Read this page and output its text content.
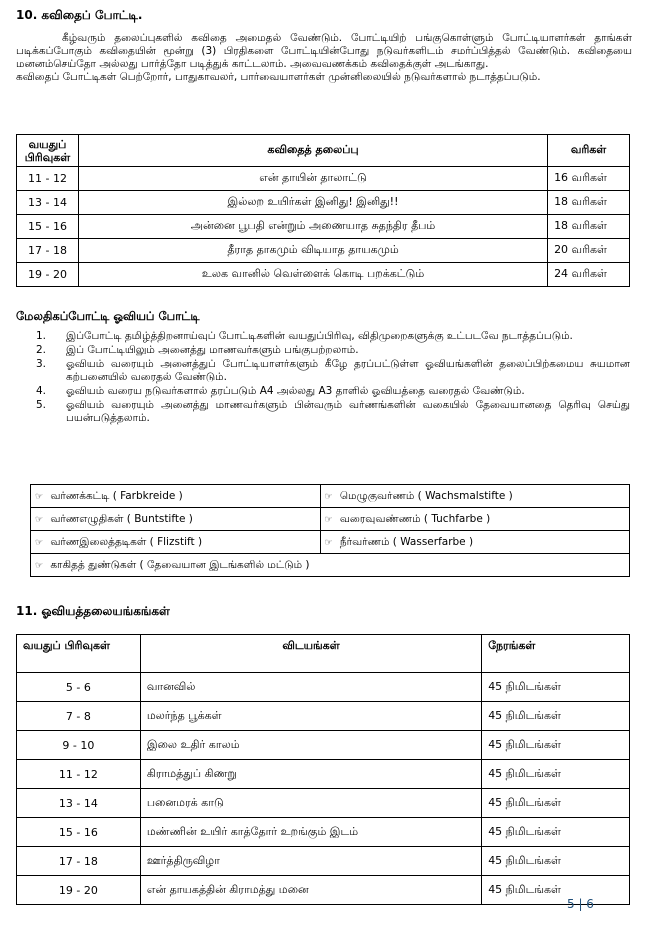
10. கவிதைப் போட்டி.

கீழ்வரும் தலைப்புகளில் கவிதை அமைதல் வேண்டும். போட்டியிற் பங்குகொள்ளும் போட்டியாளர்கள் தாங்கள் படிக்கப்போகும் கவிதையின் மூன்று (3) பிரதிகளை போட்டியின்போது நடுவர்களிடம் சமர்ப்பித்தல் வேண்டும். கவிதையை மனனம்செய்தோ அல்லது பார்த்தோ படித்துக் காட்டலாம். அவைவணக்கம் கவிதைக்குள் அடங்காது.

கவிதைப் போட்டிகள் பெற்றோர், பாதுகாவலர், பார்வையாளர்கள் முன்னிலையில் நடுவர்களால் நடாத்தப்படும்.

வயதுப் பிரிவுகள்	கவிதைத் தலைப்பு	வரிகள்
11 - 12	என் தாயின் தாலாட்டு	16 வரிகள்
13 - 14	இல்லற உயிர்கள் இனிது! இனிது!!	18 வரிகள்
15 - 16	அன்னை பூபதி என்றும் அணையாத சுதந்திர தீபம்	18 வரிகள்
17 - 18	தீராத தாகமும் விடியாத தாயகமும்	20 வரிகள்
19 - 20	உலக வானில் வெள்ளைக் கொடி பறக்கட்டும்	24 வரிகள்
மேலதிகப்போட்டி ஓவியப் போட்டி
1. இப்போட்டி தமிழ்த்திறனாய்வுப் போட்டிகளின் வயதுப்பிரிவு, விதிமுறைகளுக்கு உட்படவே நடாத்தப்படும்.
2. இப் போட்டியிலும் அனைத்து மாணவர்களும் பங்குபற்றலாம்.
3. ஓவியம் வரையும் அனைத்துப் போட்டியாளர்களும் கீழே தரப்பட்டுள்ள ஓவியங்களின் தலைப்பிற்கமைய சுயமான கற்பனையில் வரைதல் வேண்டும்.
4. ஓவியம் வரைய நடுவர்களால் தரப்படும் A4 அல்லது A3 தாளில் ஓவியத்தை வரைதல் வேண்டும்.
5. ஓவியம் வரையும் அனைத்து மாணவர்களும் பின்வரும் வர்ணங்களின் வகையில் தேவையானதை தெரிவு செய்து பயன்படுத்தலாம்.
☞ வர்ணக்கட்டி ( Farbkreide )	☞ மெழுகுவர்ணம் ( Wachsmalstifte )
☞ வர்ணஎழுதிகள் ( Buntstifte )	☞ வரைவுவண்ணம் ( Tuchfarbe )
☞ வர்ணஇலைத்தடிகள் ( Flizstift )	☞ நீர்வர்ணம் ( Wasserfarbe )
☞ காகிதத் துண்டுகள் ( தேவையான இடங்களில் மட்டும் )	
11. ஓவியத்தலையங்கங்கள்
வயதுப் பிரிவுகள்	விடயங்கள்	நேரங்கள்
5 - 6	வானவில்	45 நிமிடங்கள்
7 - 8	மலர்ந்த பூக்கள்	45 நிமிடங்கள்
9 - 10	இலை உதிர் காலம்	45 நிமிடங்கள்
11 - 12	கிராமத்துப் கிணறு	45 நிமிடங்கள்
13 - 14	பனைமரக் காடு	45 நிமிடங்கள்
15 - 16	மண்ணின் உயிர் காத்தோர் உறங்கும் இடம்	45 நிமிடங்கள்
17 - 18	ஊர்த்திருவிழா	45 நிமிடங்கள்
19 - 20	என் தாயகத்தின் கிராமத்து மனை	45 நிமிடங்கள்
5 | 6
